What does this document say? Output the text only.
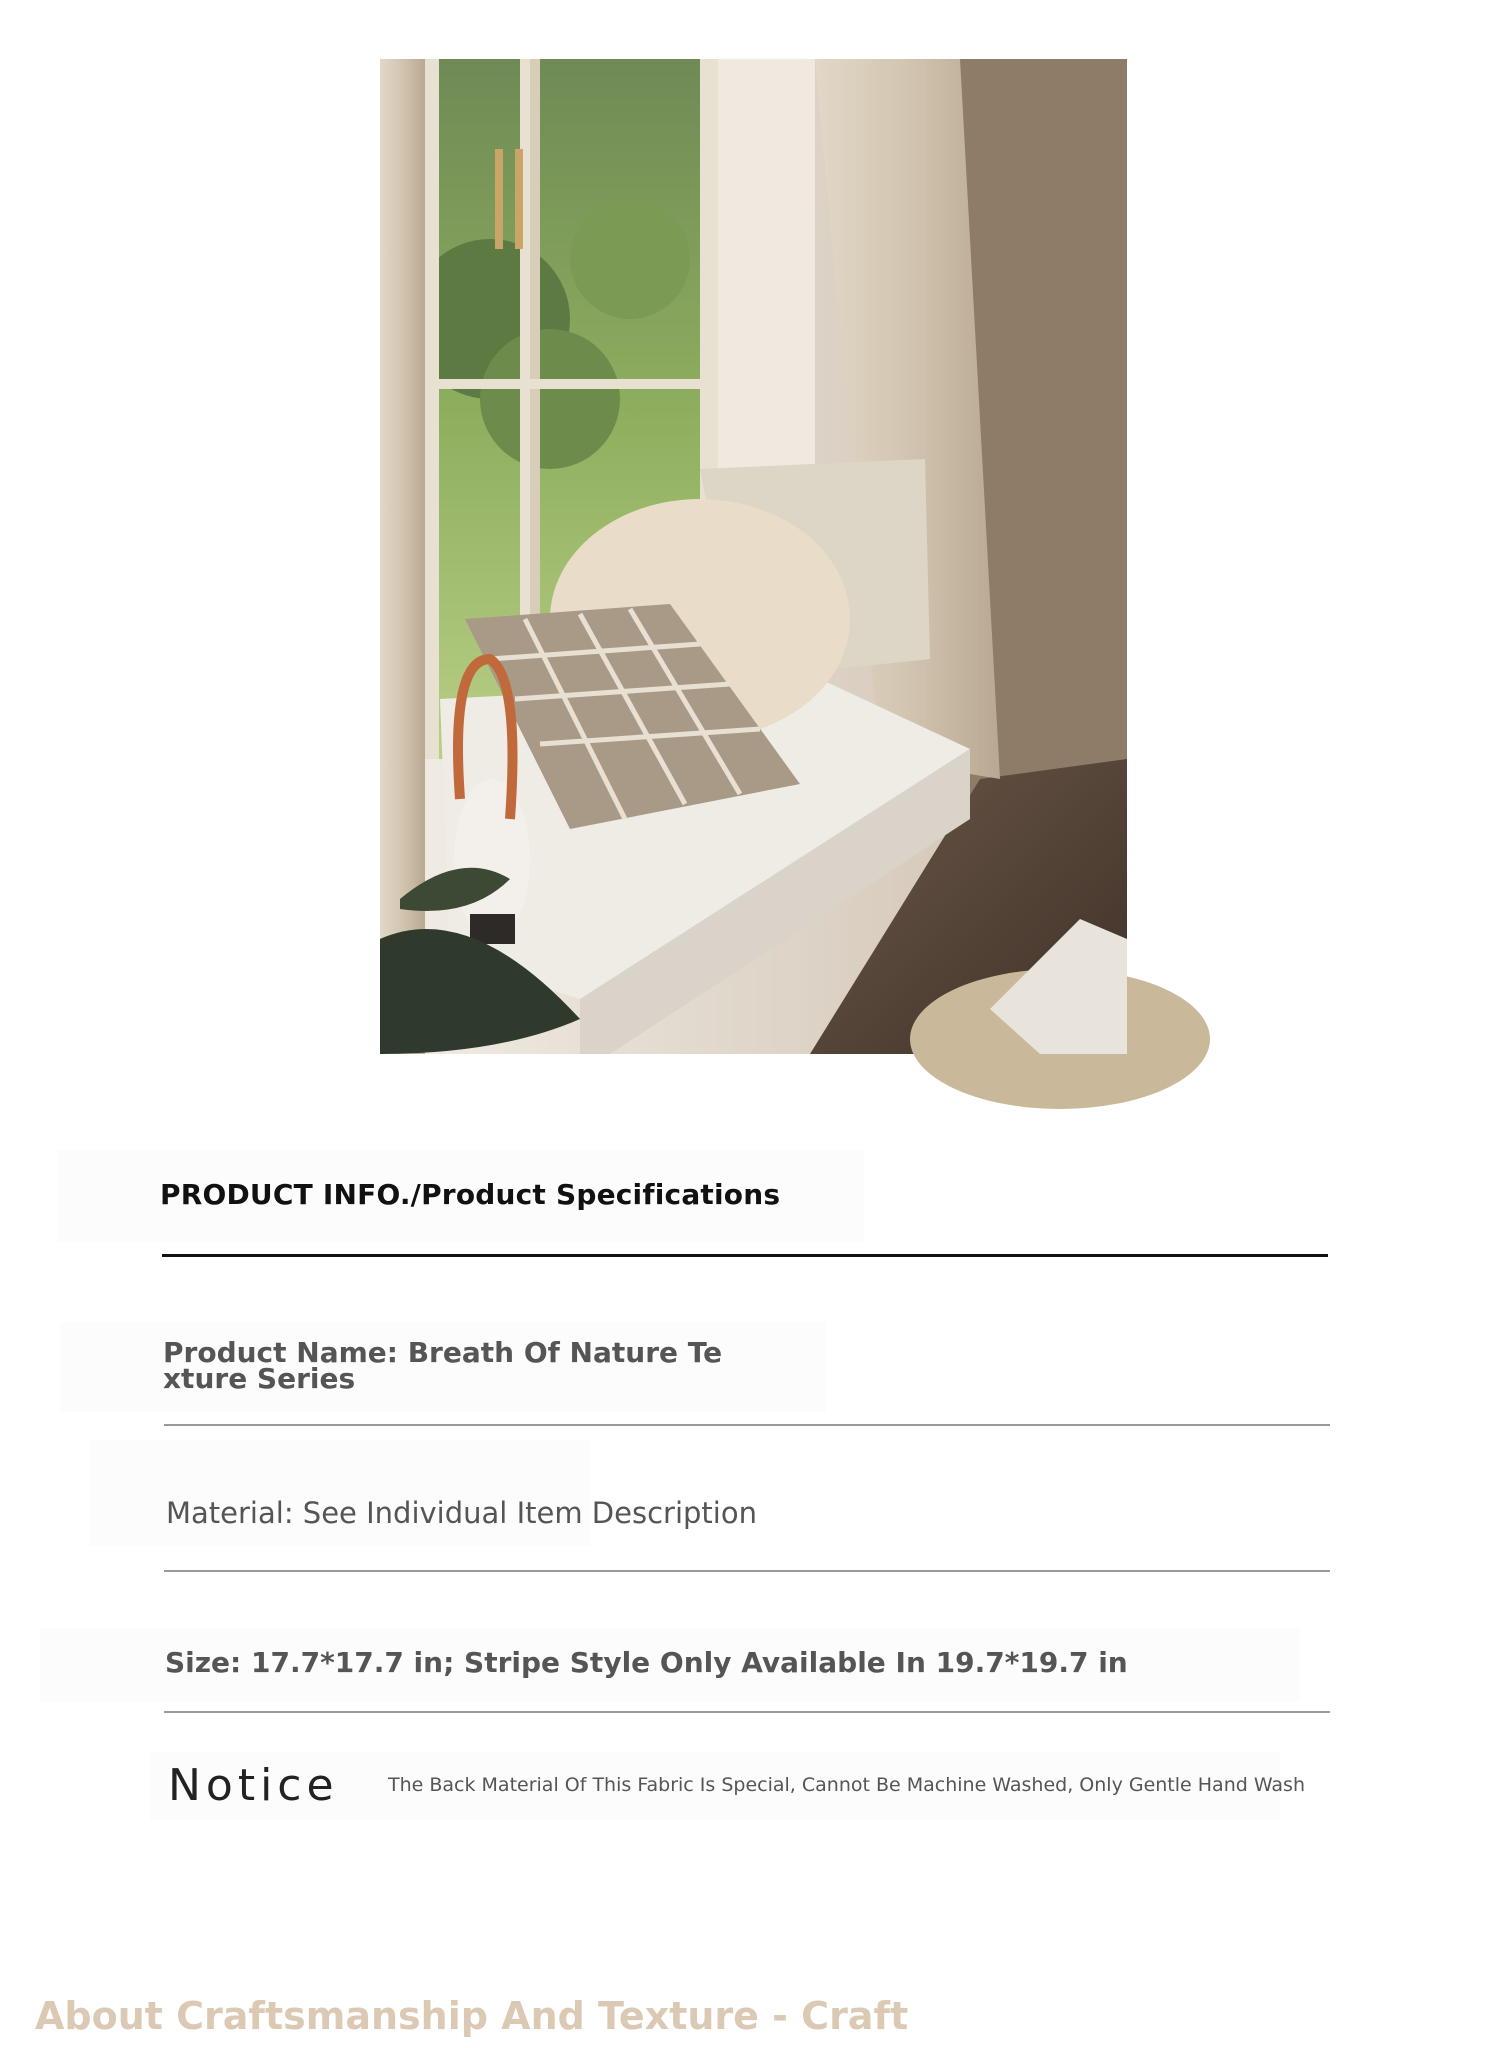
PRODUCT INFO./Product Specifications
Product Name: Breath Of Nature Texture Series
Material: See Individual Item Description
Size: 17.7*17.7 in; Stripe Style Only Available In 19.7*19.7 in
Notice	The Back Material Of This Fabric Is Special, Cannot Be Machine Washed, Only Gentle Hand Wash
About Craftsmanship And Texture - Craft
